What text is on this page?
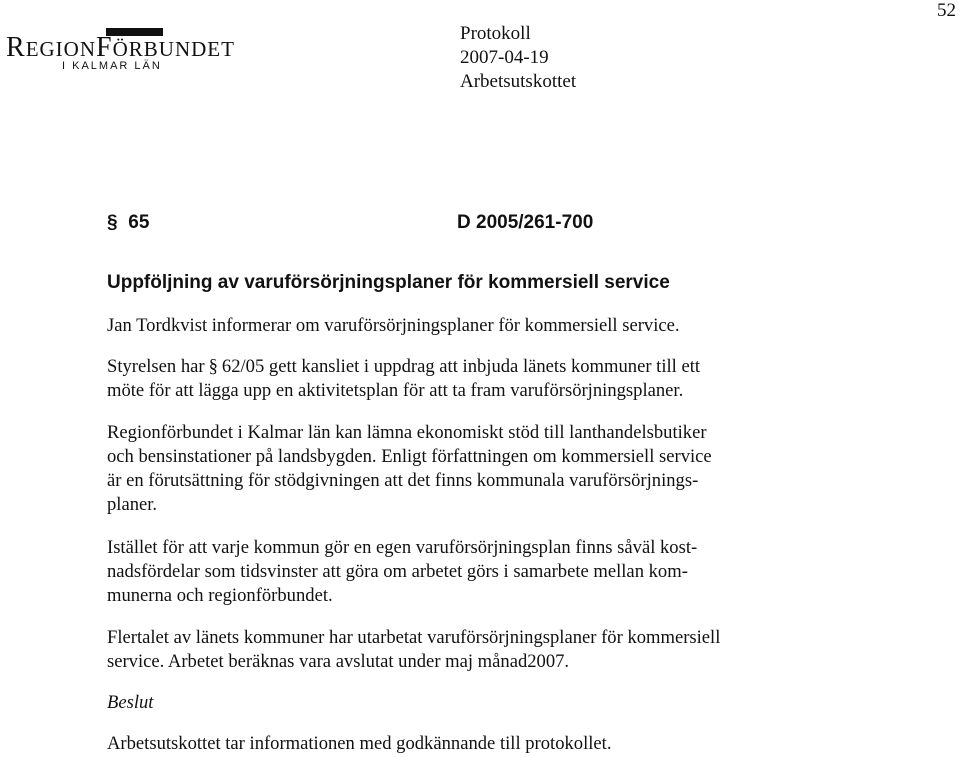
52
REGIONFÖRBUNDET
I KALMAR LÄN
Protokoll
2007-04-19
Arbetsutskottet
§ 65	D 2005/261-700
Uppföljning av varuförsörjningsplaner för kommersiell service
Jan Tordkvist informerar om varuförsörjningsplaner för kommersiell service.
Styrelsen har § 62/05 gett kansliet i uppdrag att inbjuda länets kommuner till ett
möte för att lägga upp en aktivitetsplan för att ta fram varuförsörjningsplaner.
Regionförbundet i Kalmar län kan lämna ekonomiskt stöd till lanthandelsbutiker
och bensinstationer på landsbygden. Enligt författningen om kommersiell service
är en förutsättning för stödgivningen att det finns kommunala varuförsörjnings-
planer.
Istället för att varje kommun gör en egen varuförsörjningsplan finns såväl kost-
nadsfördelar som tidsvinster att göra om arbetet görs i samarbete mellan kom-
munerna och regionförbundet.
Flertalet av länets kommuner har utarbetat varuförsörjningsplaner för kommersiell
service. Arbetet beräknas vara avslutat under maj månad2007.
Beslut
Arbetsutskottet tar informationen med godkännande till protokollet.
